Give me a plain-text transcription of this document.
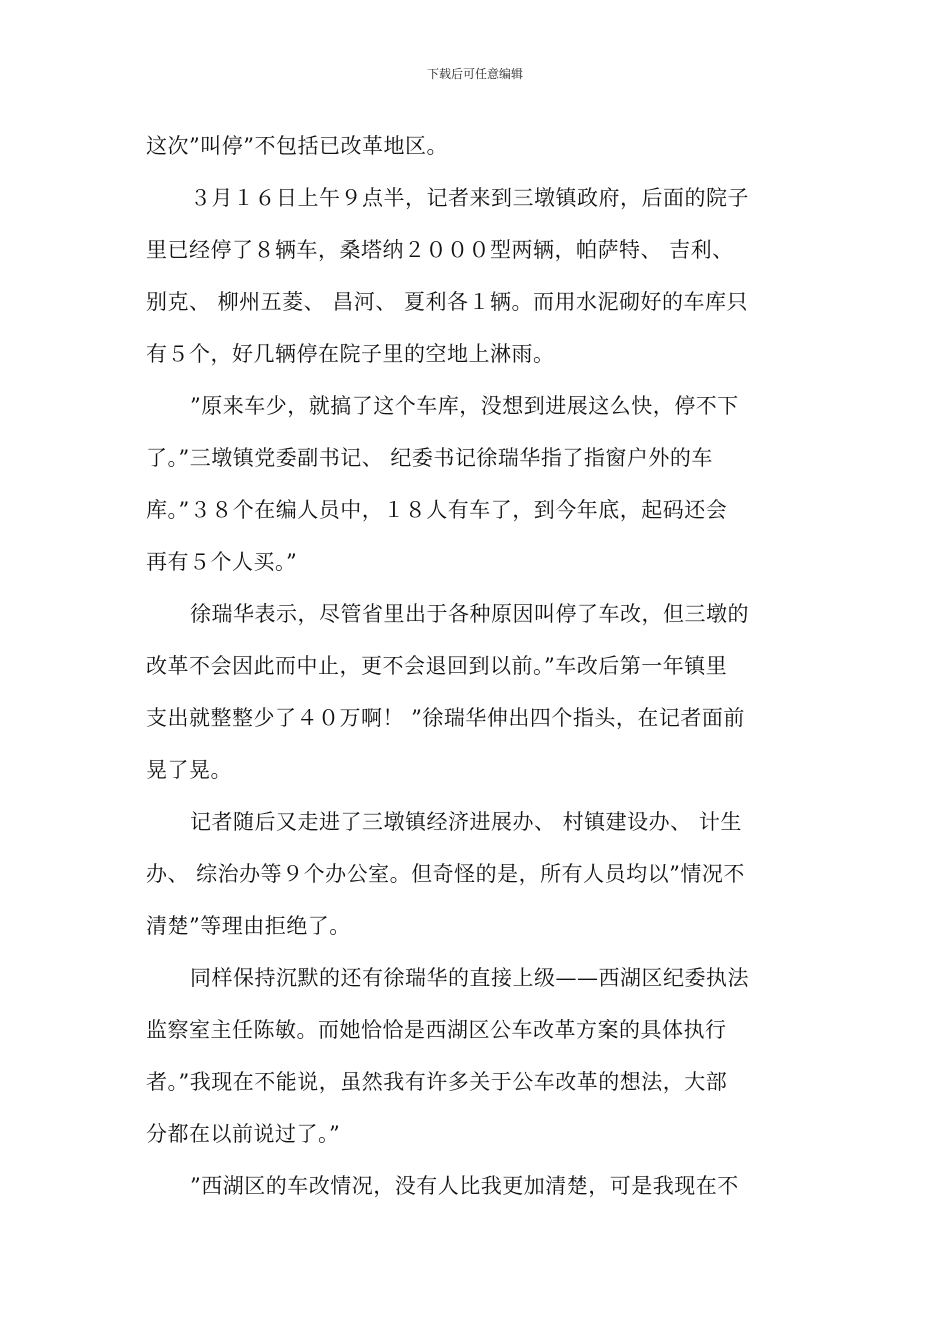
下载后可任意编辑
这次”叫停”不包括已改革地区。
３月１６日上午９点半，记者来到三墩镇政府，后面的院子
里已经停了８辆车，桑塔纳２０００型两辆，帕萨特、 吉利、
别克、 柳州五菱、 昌河、 夏利各１辆。而用水泥砌好的车库只
有５个，好几辆停在院子里的空地上淋雨。
”原来车少，就搞了这个车库，没想到进展这么快，停不下
了。”三墩镇党委副书记、 纪委书记徐瑞华指了指窗户外的车
库。”３８个在编人员中，１８人有车了，到今年底，起码还会
再有５个人买。”
徐瑞华表示，尽管省里出于各种原因叫停了车改，但三墩的
改革不会因此而中止，更不会退回到以前。”车改后第一年镇里
支出就整整少了４０万啊！ ”徐瑞华伸出四个指头，在记者面前
晃了晃。
记者随后又走进了三墩镇经济进展办、 村镇建设办、 计生
办、 综治办等９个办公室。但奇怪的是，所有人员均以”情况不
清楚”等理由拒绝了。
同样保持沉默的还有徐瑞华的直接上级——西湖区纪委执法
监察室主任陈敏。而她恰恰是西湖区公车改革方案的具体执行
者。”我现在不能说，虽然我有许多关于公车改革的想法，大部
分都在以前说过了。”
”西湖区的车改情况，没有人比我更加清楚，可是我现在不
